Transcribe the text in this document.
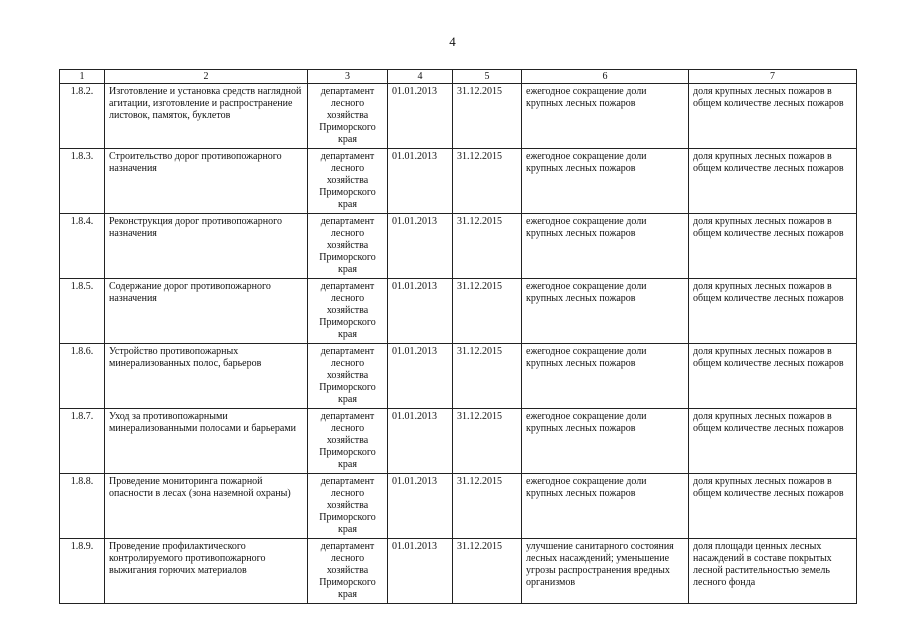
4
1	2	3	4	5	6	7
1.8.2.	Изготовление и установка средств наглядной агитации, изготовление и распространение листовок, памяток, буклетов	департамент лесного хозяйства Приморского края	01.01.2013	31.12.2015	ежегодное сокращение доли крупных лесных пожаров	доля крупных лесных пожаров в общем количестве лесных пожаров
1.8.3.	Строительство дорог противопожарного назначения	департамент лесного хозяйства Приморского края	01.01.2013	31.12.2015	ежегодное сокращение доли крупных лесных пожаров	доля крупных лесных пожаров в общем количестве лесных пожаров
1.8.4.	Реконструкция дорог противопожарного назначения	департамент лесного хозяйства Приморского края	01.01.2013	31.12.2015	ежегодное сокращение доли крупных лесных пожаров	доля крупных лесных пожаров в общем количестве лесных пожаров
1.8.5.	Содержание дорог противопожарного назначения	департамент лесного хозяйства Приморского края	01.01.2013	31.12.2015	ежегодное сокращение доли крупных лесных пожаров	доля крупных лесных пожаров в общем количестве лесных пожаров
1.8.6.	Устройство противопожарных минерализованных полос, барьеров	департамент лесного хозяйства Приморского края	01.01.2013	31.12.2015	ежегодное сокращение доли крупных лесных пожаров	доля крупных лесных пожаров в общем количестве лесных пожаров
1.8.7.	Уход за противопожарными минерализованными полосами и барьерами	департамент лесного хозяйства Приморского края	01.01.2013	31.12.2015	ежегодное сокращение доли крупных лесных пожаров	доля крупных лесных пожаров в общем количестве лесных пожаров
1.8.8.	Проведение мониторинга пожарной опасности в лесах (зона наземной охраны)	департамент лесного хозяйства Приморского края	01.01.2013	31.12.2015	ежегодное сокращение доли крупных лесных пожаров	доля крупных лесных пожаров в общем количестве лесных пожаров
1.8.9.	Проведение профилактического контролируемого противопожарного выжигания горючих материалов	департамент лесного хозяйства Приморского края	01.01.2013	31.12.2015	улучшение санитарного состояния лесных насаждений; уменьшение угрозы распространения вредных организмов	доля площади ценных лесных насаждений в составе покрытых лесной растительностью земель лесного фонда
